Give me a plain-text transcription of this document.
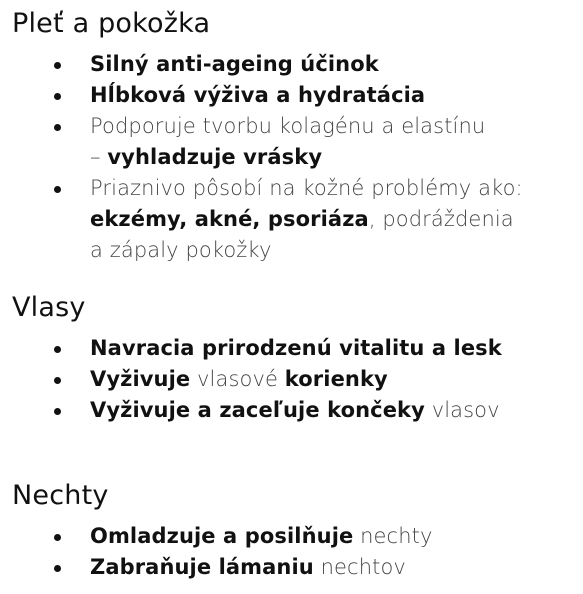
Pleť a pokožka
Silný anti-ageing účinok
Hĺbková výživa a hydratácia
Podporuje tvorbu kolagénu a elastínu
– vyhladzuje vrásky
Priaznivo pôsobí na kožné problémy ako:
ekzémy, akné, psoriáza, podráždenia
a zápaly pokožky
Vlasy
Navracia prirodzenú vitalitu a lesk
Vyživuje vlasové korienky
Vyživuje a zaceľuje končeky vlasov
Nechty
Omladzuje a posilňuje nechty
Zabraňuje lámaniu nechtov
